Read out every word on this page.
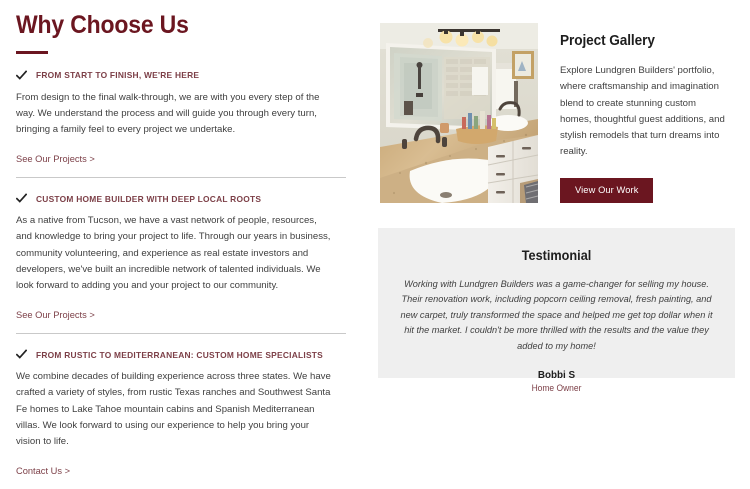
Why Choose Us
FROM START TO FINISH, WE'RE HERE

From design to the final walk-through, we are with you every step of the way. We understand the process and will guide you through every turn, bringing a family feel to every project we undertake.

See Our Projects >
CUSTOM HOME BUILDER WITH DEEP LOCAL ROOTS

As a native from Tucson, we have a vast network of people, resources, and knowledge to bring your project to life. Through our years in business, community volunteering, and experience as real estate investors and developers, we've built an incredible network of talented individuals. We look forward to adding you and your project to our community.

See Our Projects >
FROM RUSTIC TO MEDITERRANEAN: CUSTOM HOME SPECIALISTS

We combine decades of building experience across three states. We have crafted a variety of styles, from rustic Texas ranches and Southwest Santa Fe homes to Lake Tahoe mountain cabins and Spanish Mediterranean villas. We look forward to using our experience to help you bring your vision to life.

Contact Us >
Project Gallery

Explore Lundgren Builders' portfolio, where craftsmanship and imagination blend to create stunning custom homes, thoughtful guest additions, and stylish remodels that turn dreams into reality.

View Our Work
Testimonial

Working with Lundgren Builders was a game-changer for selling my house. Their renovation work, including popcorn ceiling removal, fresh painting, and new carpet, truly transformed the space and helped me get top dollar when it hit the market. I couldn't be more thrilled with the results and the value they added to my home!

Bobbi S
Home Owner
